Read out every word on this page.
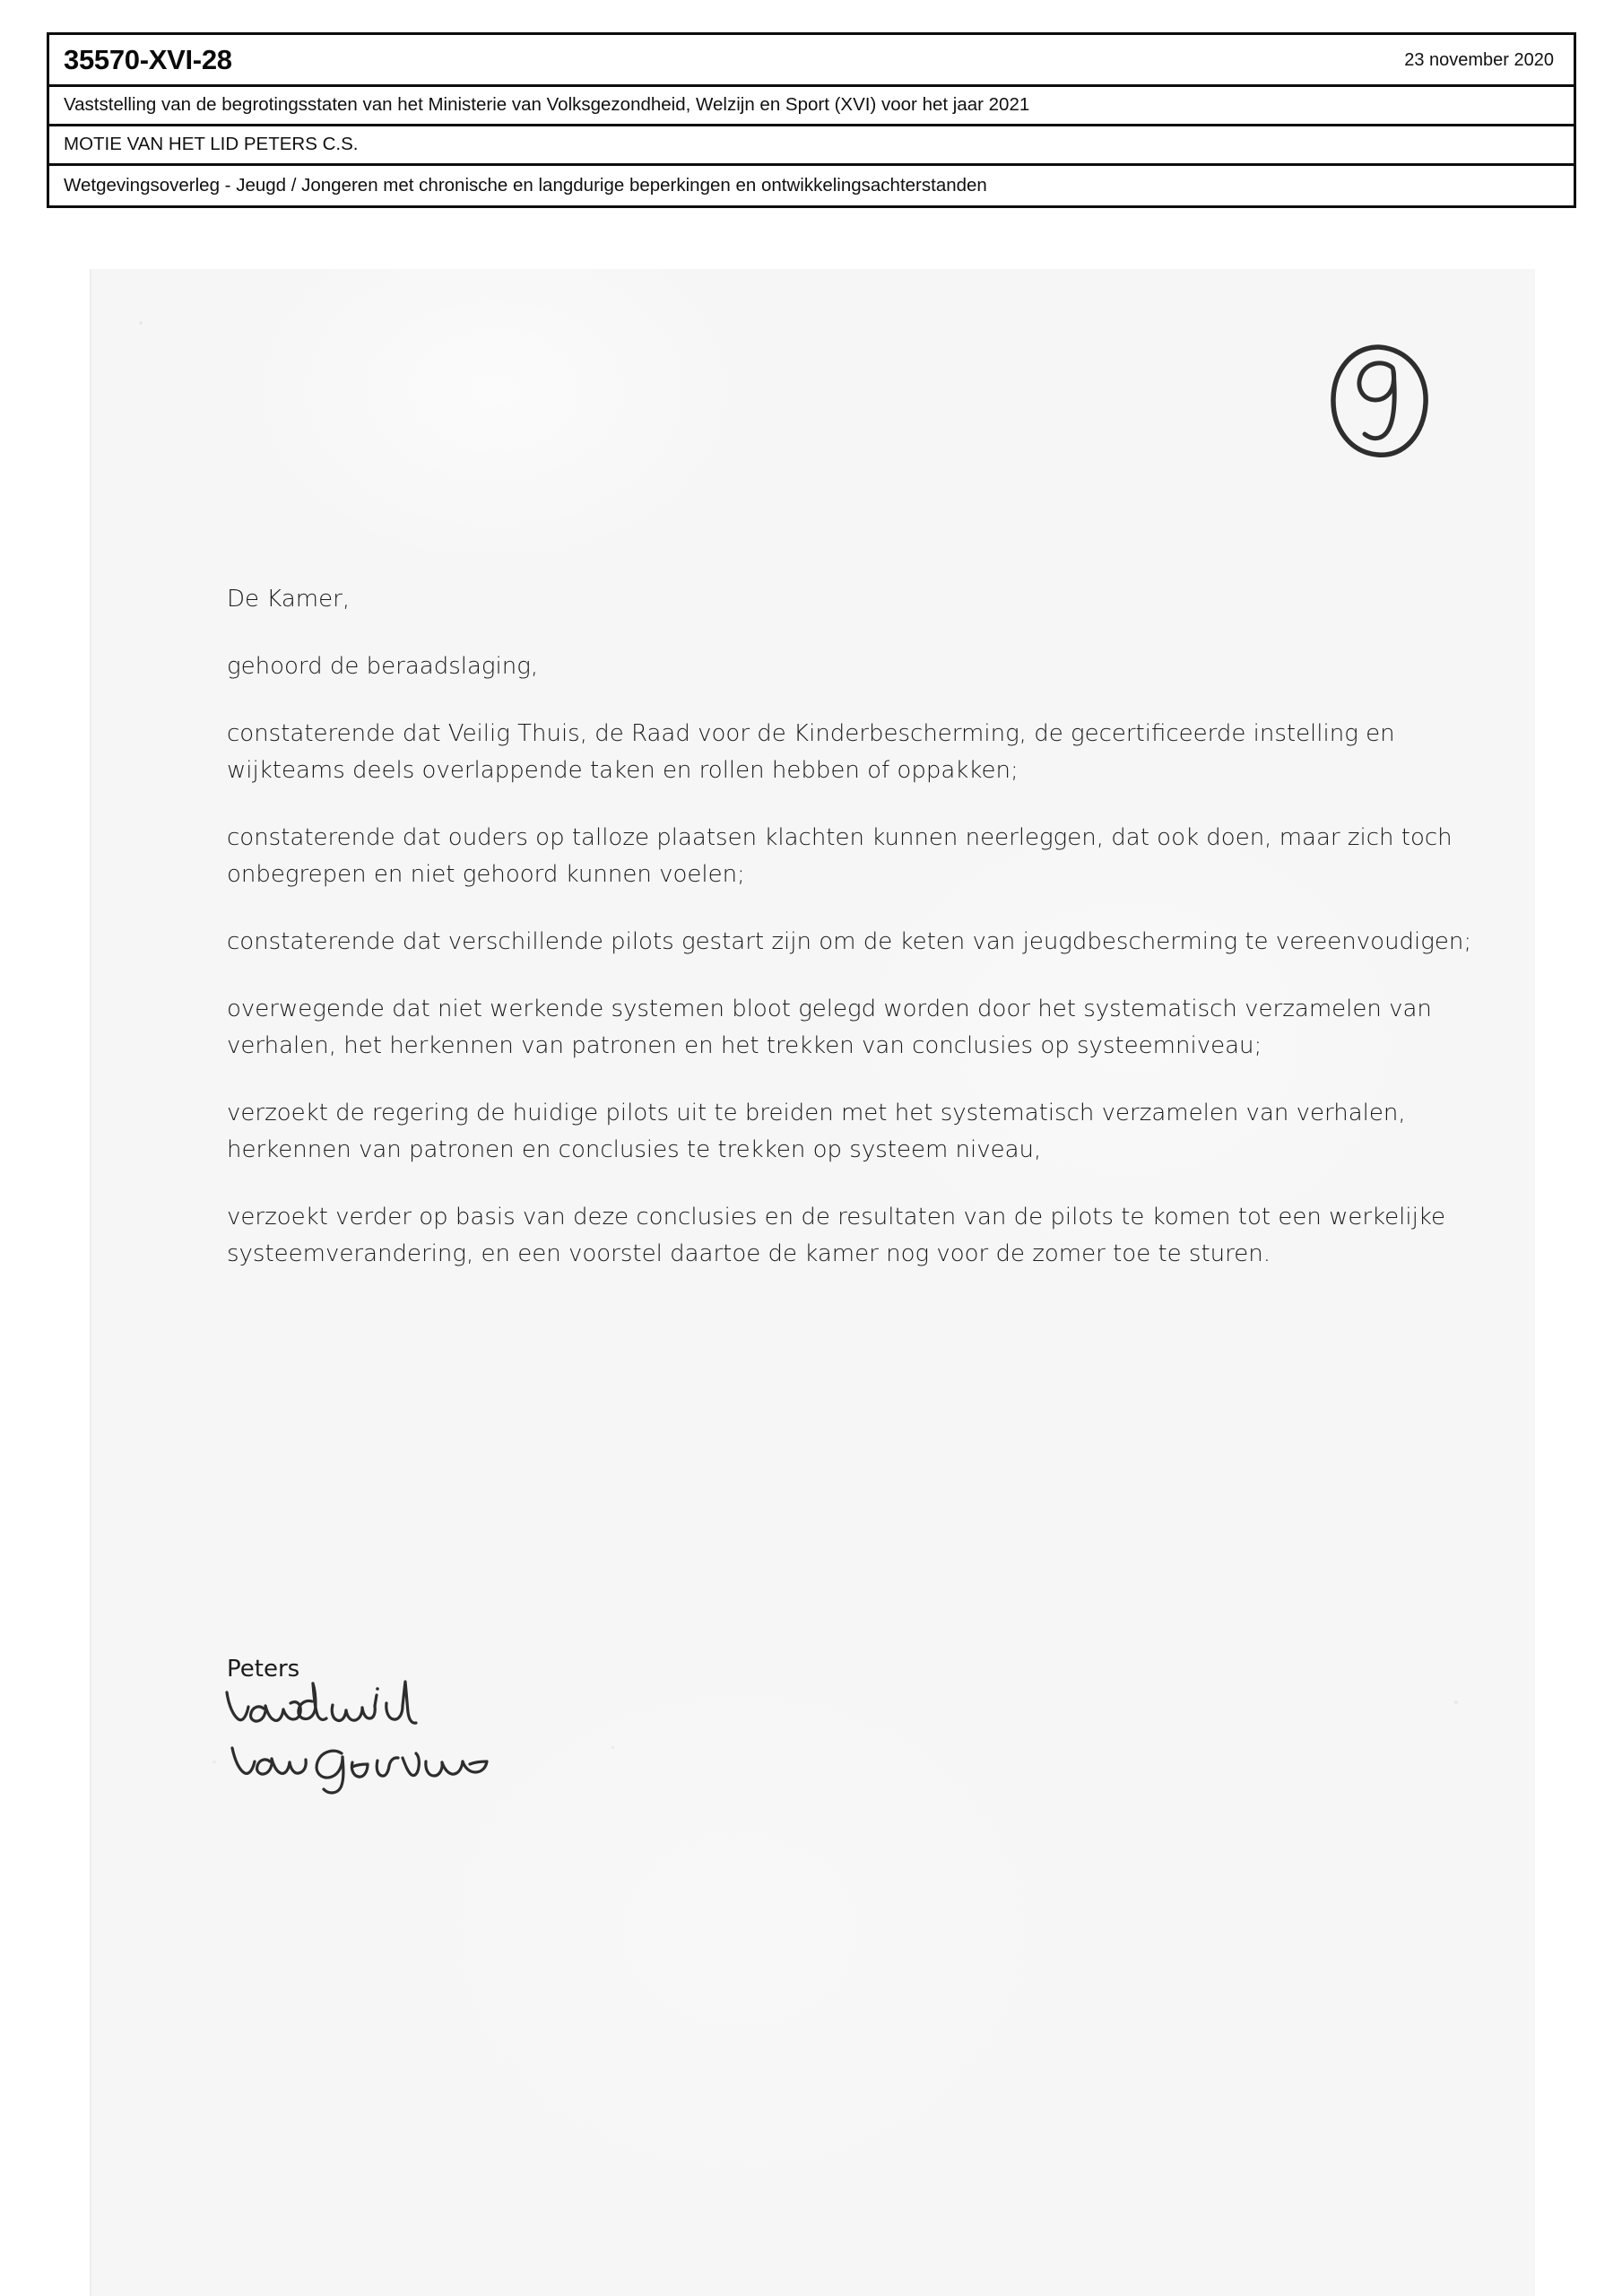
35570-XVI-28	23 november 2020
Vaststelling van de begrotingsstaten van het Ministerie van Volksgezondheid, Welzijn en Sport (XVI) voor het jaar 2021
MOTIE VAN HET LID PETERS C.S.
Wetgevingsoverleg - Jeugd / Jongeren met chronische en langdurige beperkingen en ontwikkelingsachterstanden

De Kamer,

gehoord de beraadslaging,

constaterende dat Veilig Thuis, de Raad voor de Kinderbescherming, de gecertificeerde instelling en wijkteams deels overlappende taken en rollen hebben of oppakken;

constaterende dat ouders op talloze plaatsen klachten kunnen neerleggen, dat ook doen, maar zich toch onbegrepen en niet gehoord kunnen voelen;

constaterende dat verschillende pilots gestart zijn om de keten van jeugdbescherming te vereenvoudigen;

overwegende dat niet werkende systemen bloot gelegd worden door het systematisch verzamelen van verhalen, het herkennen van patronen en het trekken van conclusies op systeemniveau;

verzoekt de regering de huidige pilots uit te breiden met het systematisch verzamelen van verhalen, herkennen van patronen en conclusies te trekken op systeem niveau,

verzoekt verder op basis van deze conclusies en de resultaten van de pilots te komen tot een werkelijke systeemverandering, en een voorstel daartoe de kamer nog voor de zomer toe te sturen.

Peters
